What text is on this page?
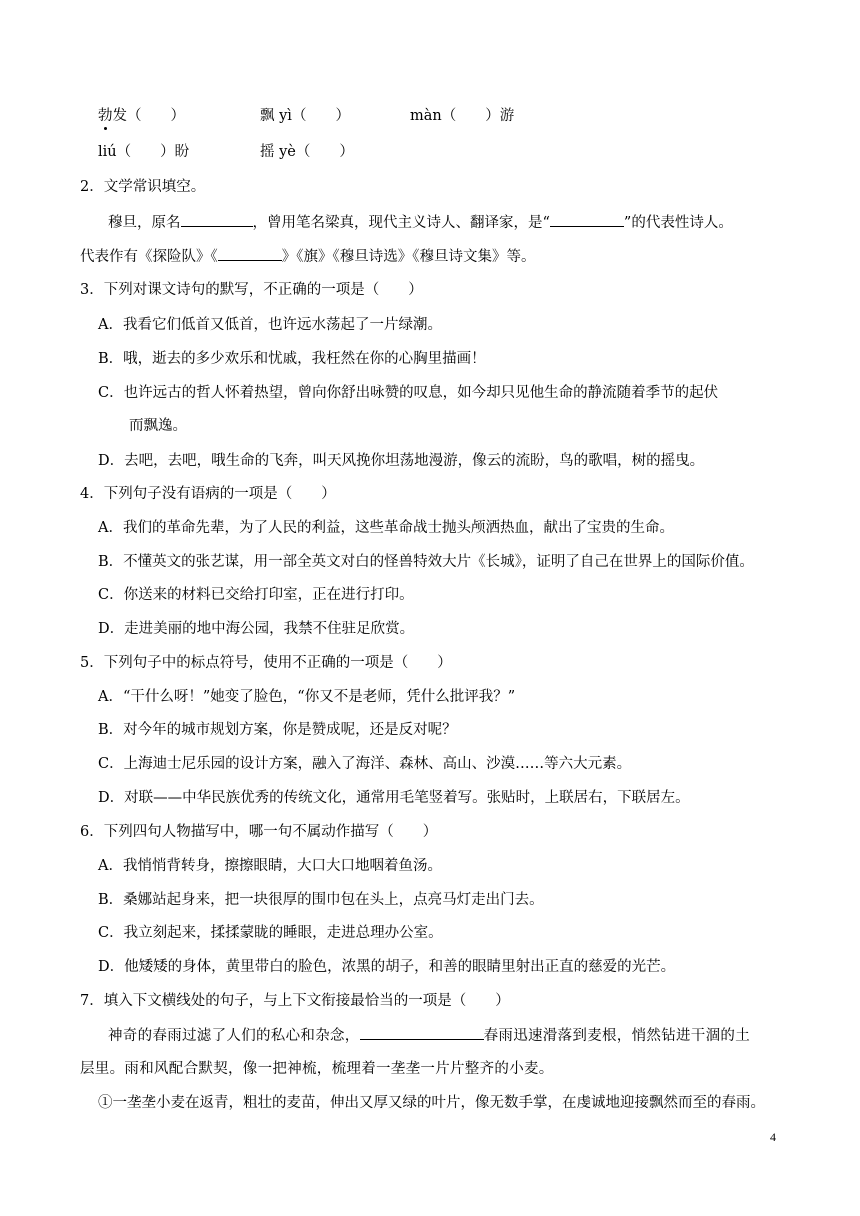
勃发（　　）	飘 yì（　　）	màn（　　）游
liú（　　）盼	摇 yè（　　）
2．文学常识填空。
穆旦，原名	，曾用笔名梁真，现代主义诗人、翻译家，是“	”的代表性诗人。
代表作有《探险队》《	》《旗》《穆旦诗选》《穆旦诗文集》等。
3．下列对课文诗句的默写，不正确的一项是（　　）
A．我看它们低首又低首，也许远水荡起了一片绿潮。
B．哦，逝去的多少欢乐和忧戚，我枉然在你的心胸里描画！
C．也许远古的哲人怀着热望，曾向你舒出咏赞的叹息，如今却只见他生命的静流随着季节的起伏
而飘逸。
D．去吧，去吧，哦生命的飞奔，叫天风挽你坦荡地漫游，像云的流盼，鸟的歌唱，树的摇曳。
4．下列句子没有语病的一项是（　　）
A．我们的革命先辈，为了人民的利益，这些革命战士抛头颅洒热血，献出了宝贵的生命。
B．不懂英文的张艺谋，用一部全英文对白的怪兽特效大片《长城》，证明了自己在世界上的国际价值。
C．你送来的材料已交给打印室，正在进行打印。
D．走进美丽的地中海公园，我禁不住驻足欣赏。
5．下列句子中的标点符号，使用不正确的一项是（　　）
A．“干什么呀！”她变了脸色，“你又不是老师，凭什么批评我？”
B．对今年的城市规划方案，你是赞成呢，还是反对呢？
C．上海迪士尼乐园的设计方案，融入了海洋、森林、高山、沙漠……等六大元素。
D．对联——中华民族优秀的传统文化，通常用毛笔竖着写。张贴时，上联居右，下联居左。
6．下列四句人物描写中，哪一句不属动作描写（　　）
A．我悄悄背转身，擦擦眼睛，大口大口地咽着鱼汤。
B．桑娜站起身来，把一块很厚的围巾包在头上，点亮马灯走出门去。
C．我立刻起来，揉揉蒙眬的睡眼，走进总理办公室。
D．他矮矮的身体，黄里带白的脸色，浓黑的胡子，和善的眼睛里射出正直的慈爱的光芒。
7．填入下文横线处的句子，与上下文衔接最恰当的一项是（　　）
神奇的春雨过滤了人们的私心和杂念，	春雨迅速滑落到麦根，悄然钻进干涸的土
层里。雨和风配合默契，像一把神梳，梳理着一垄垄一片片整齐的小麦。
①一垄垄小麦在返青，粗壮的麦苗，伸出又厚又绿的叶片，像无数手掌，在虔诚地迎接飘然而至的春雨。
4
